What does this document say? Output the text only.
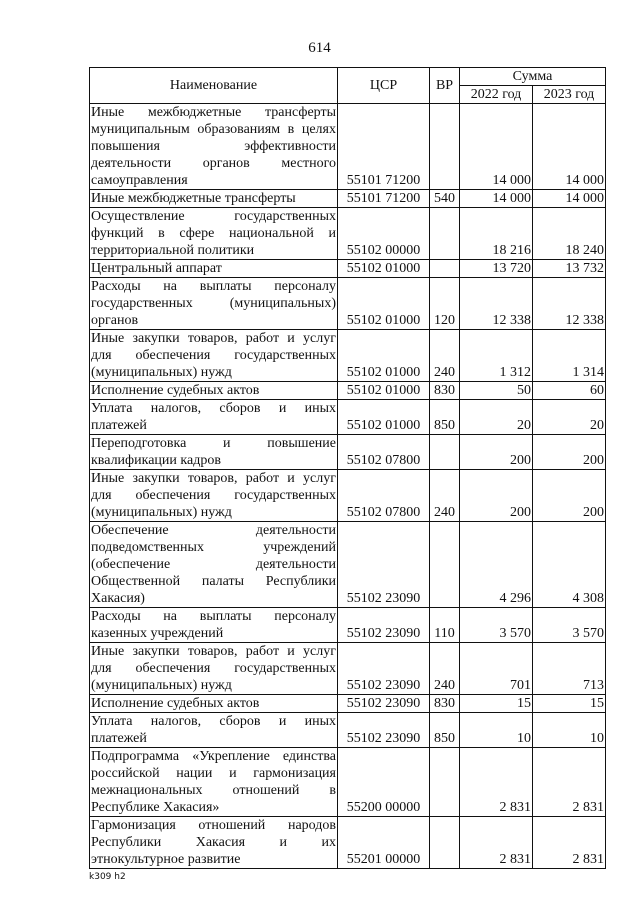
614
Наименование	ЦСР	ВР	Сумма	
			2022 год	2023 год
Иные межбюджетные трансферты муниципальным образованиям в целях повышения эффективности деятельности органов местного самоуправления	55101 71200		14 000	14 000
Иные межбюджетные трансферты	55101 71200	540	14 000	14 000
Осуществление государственных функций в сфере национальной и территориальной политики	55102 00000		18 216	18 240
Центральный аппарат	55102 01000		13 720	13 732
Расходы на выплаты персоналу государственных (муниципальных) органов	55102 01000	120	12 338	12 338
Иные закупки товаров, работ и услуг для обеспечения государственных (муниципальных) нужд	55102 01000	240	1 312	1 314
Исполнение судебных актов	55102 01000	830	50	60
Уплата налогов, сборов и иных платежей	55102 01000	850	20	20
Переподготовка и повышение квалификации кадров	55102 07800		200	200
Иные закупки товаров, работ и услуг для обеспечения государственных (муниципальных) нужд	55102 07800	240	200	200
Обеспечение деятельности подведомственных учреждений (обеспечение деятельности Общественной палаты Республики Хакасия)	55102 23090		4 296	4 308
Расходы на выплаты персоналу казенных учреждений	55102 23090	110	3 570	3 570
Иные закупки товаров, работ и услуг для обеспечения государственных (муниципальных) нужд	55102 23090	240	701	713
Исполнение судебных актов	55102 23090	830	15	15
Уплата налогов, сборов и иных платежей	55102 23090	850	10	10
Подпрограмма «Укрепление единства российской нации и гармонизация межнациональных отношений в Республике Хакасия»	55200 00000		2 831	2 831
Гармонизация отношений народов Республики Хакасия и их этнокультурное развитие	55201 00000		2 831	2 831
k309 h2
